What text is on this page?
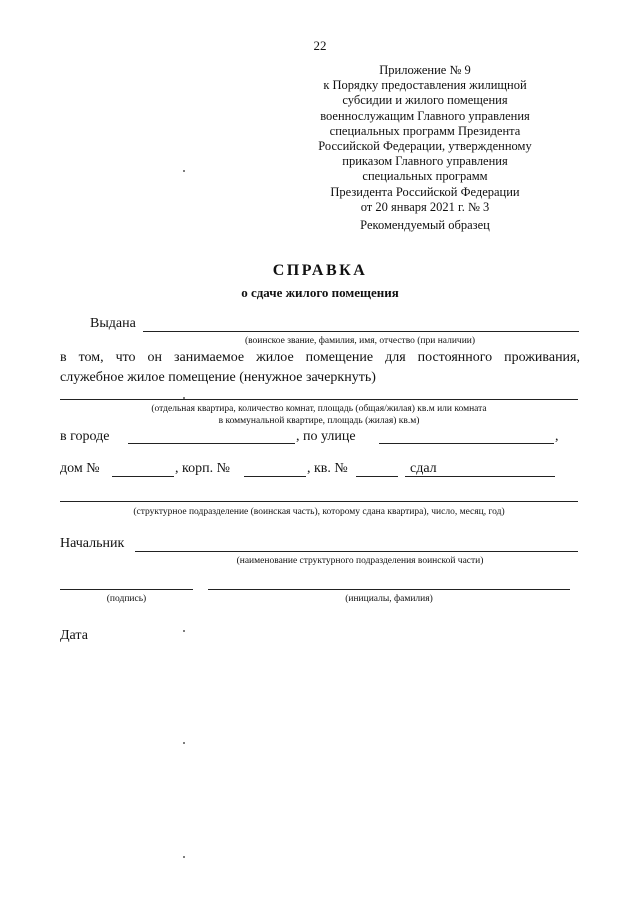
22
Приложение № 9
к Порядку предоставления жилищной
субсидии и жилого помещения
военнослужащим Главного управления
специальных программ Президента
Российской Федерации, утвержденному
приказом Главного управления
специальных программ
Президента Российской Федерации
от 20 января 2021 г. № 3
Рекомендуемый образец
СПРАВКА
о сдаче жилого помещения
Выдана
(воинское звание, фамилия, имя, отчество (при наличии)
в том, что он занимаемое жилое помещение для постоянного проживания,
служебное жилое помещение (ненужное зачеркнуть)
(отдельная квартира, количество комнат, площадь (общая/жилая) кв.м или комната
в коммунальной квартире, площадь (жилая) кв.м)
в городе	, по улице	,
дом №	, корп. №	, кв. №	сдал
(структурное подразделение (воинская часть), которому сдана квартира), число, месяц, год)
Начальник
(наименование структурного подразделения воинской части)
(подпись)	(инициалы, фамилия)
Дата
